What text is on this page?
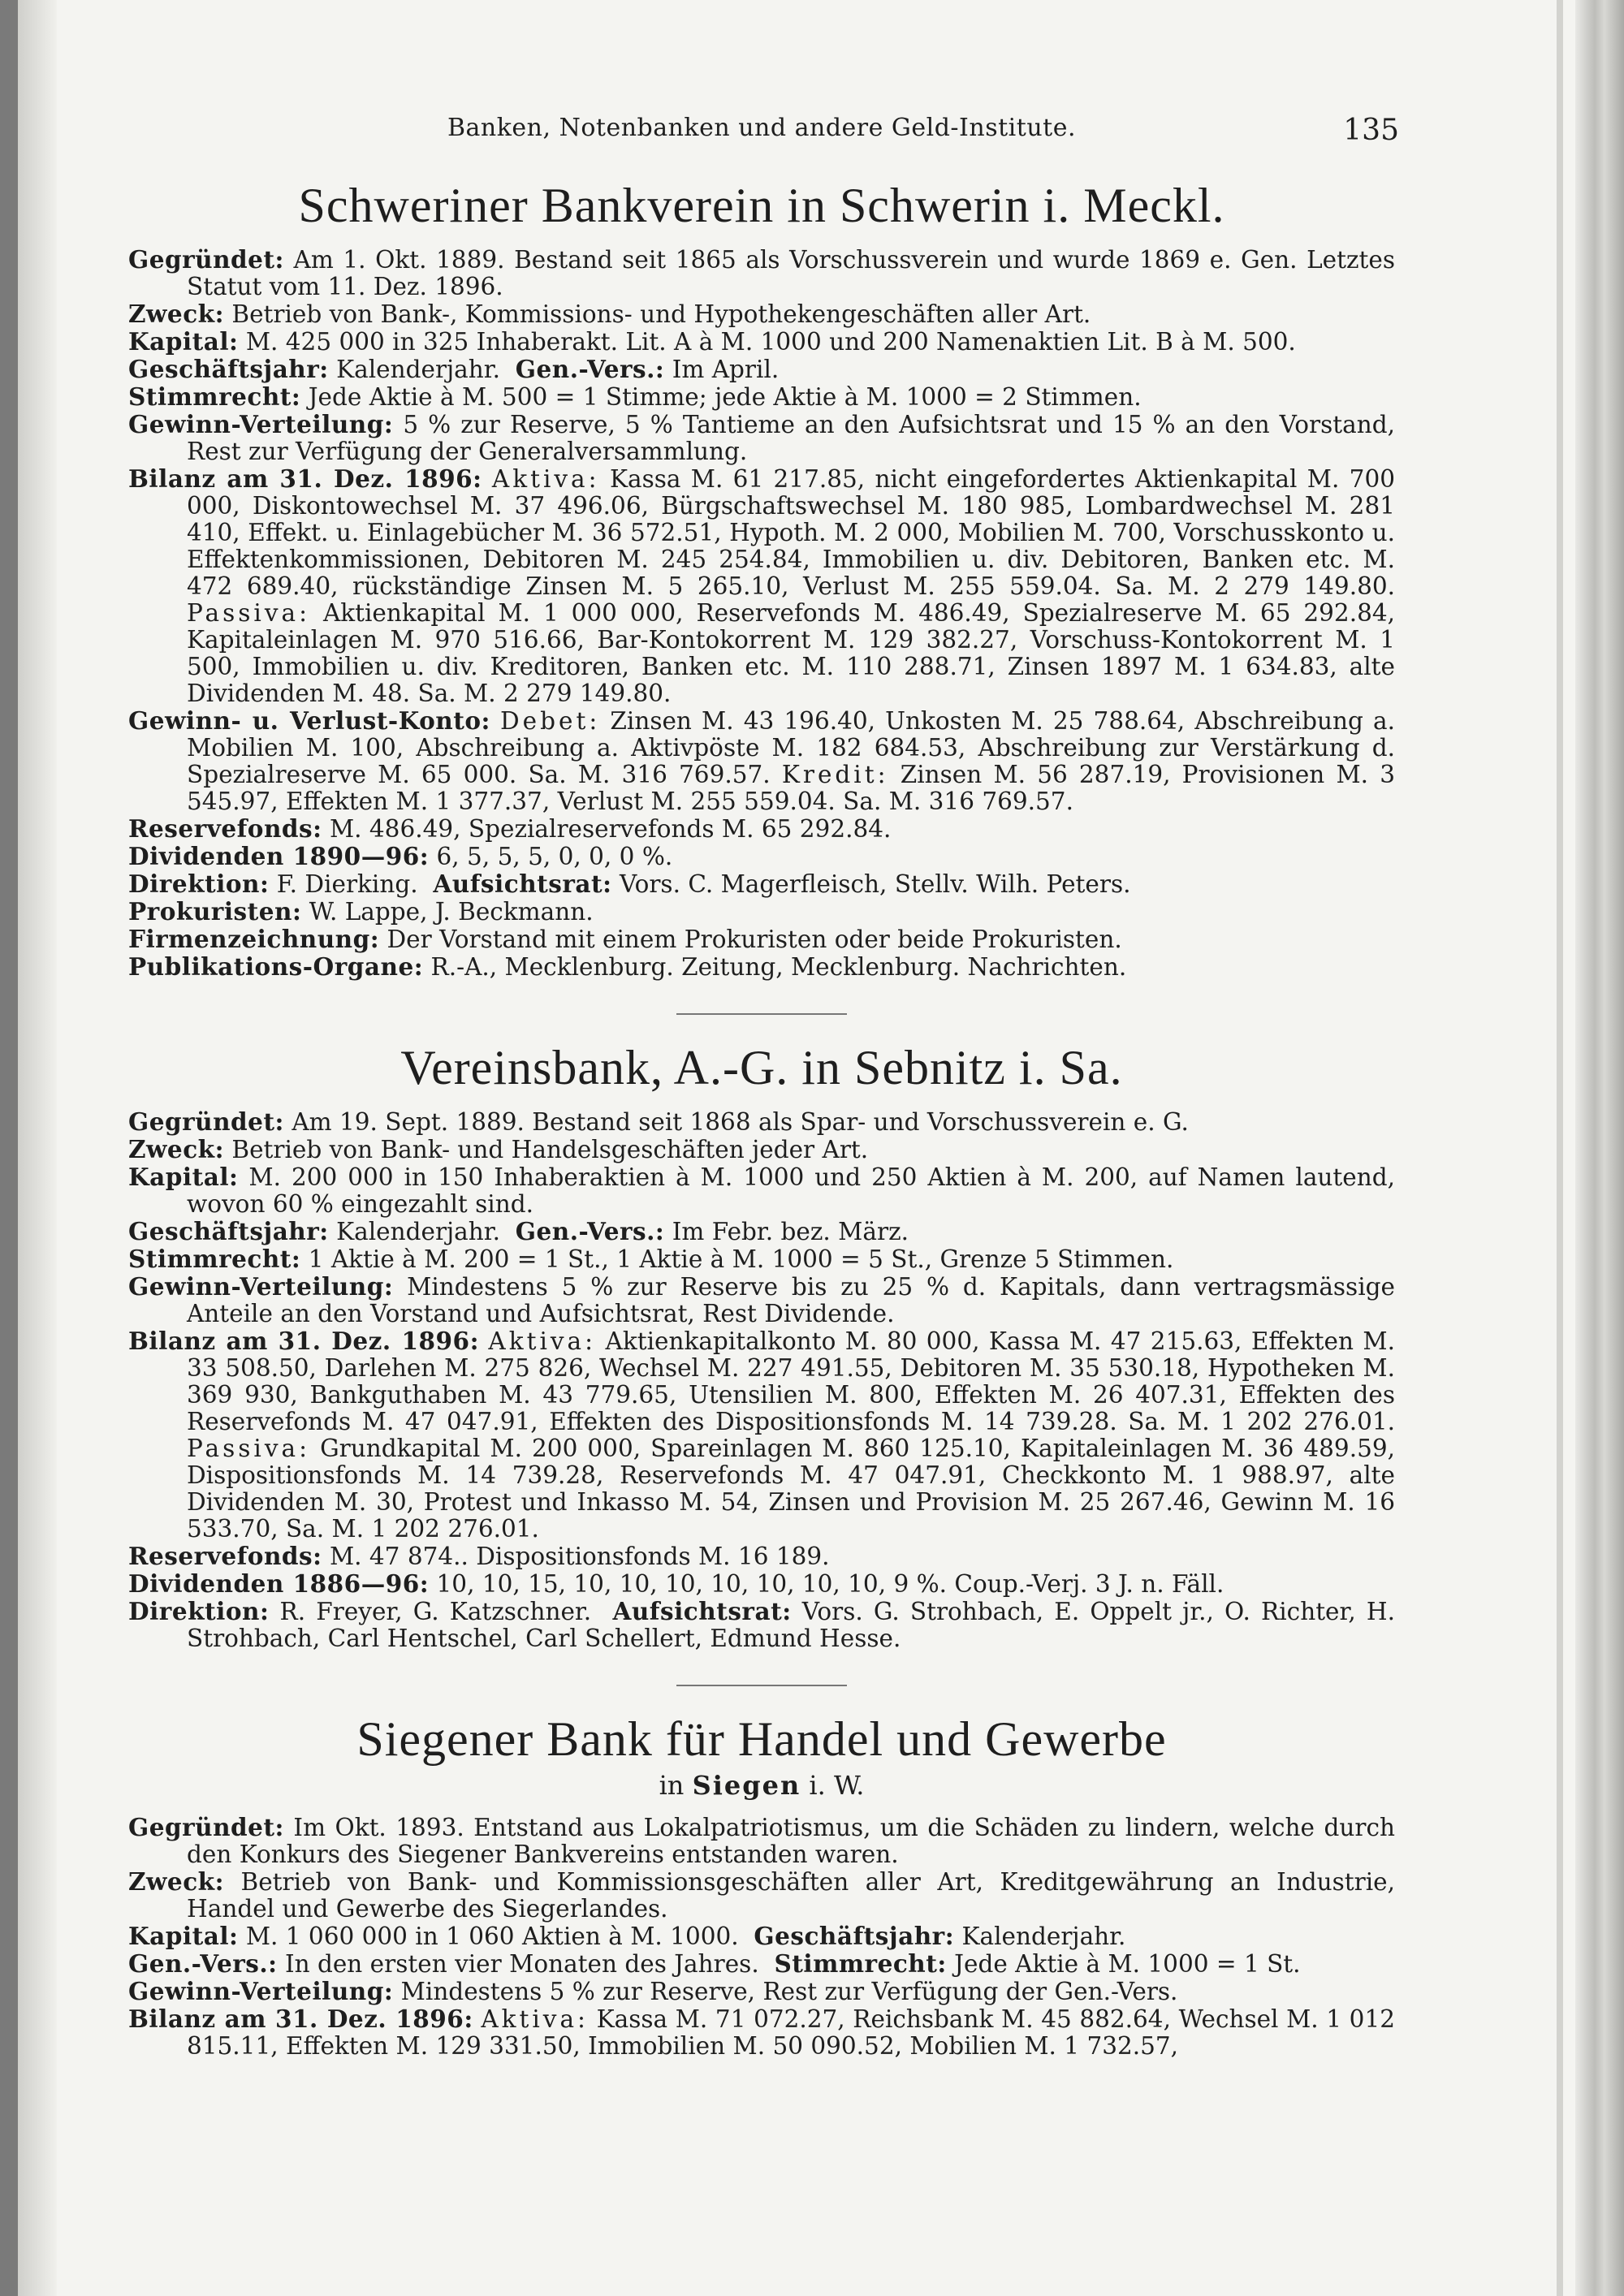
Banken, Notenbanken und andere Geld-Institute.	135
Schweriner Bankverein in Schwerin i. Meckl.

Gegründet: Am 1. Okt. 1889. Bestand seit 1865 als Vorschussverein und wurde 1869 e. Gen. Letztes Statut vom 11. Dez. 1896.

Zweck: Betrieb von Bank-, Kommissions- und Hypothekengeschäften aller Art.

Kapital: M. 425 000 in 325 Inhaberakt. Lit. A à M. 1000 und 200 Namenaktien Lit. B à M. 500.

Geschäftsjahr: Kalenderjahr. Gen.-Vers.: Im April.

Stimmrecht: Jede Aktie à M. 500 = 1 Stimme; jede Aktie à M. 1000 = 2 Stimmen.

Gewinn-Verteilung: 5 % zur Reserve, 5 % Tantieme an den Aufsichtsrat und 15 % an den Vorstand, Rest zur Verfügung der Generalversammlung.

Bilanz am 31. Dez. 1896: Aktiva: Kassa M. 61 217.85, nicht eingefordertes Aktienkapital M. 700 000, Diskontowechsel M. 37 496.06, Bürgschaftswechsel M. 180 985, Lombardwechsel M. 281 410, Effekt. u. Einlagebücher M. 36 572.51, Hypoth. M. 2 000, Mobilien M. 700, Vorschusskonto u. Effektenkommissionen, Debitoren M. 245 254.84, Immobilien u. div. Debitoren, Banken etc. M. 472 689.40, rückständige Zinsen M. 5 265.10, Verlust M. 255 559.04. Sa. M. 2 279 149.80. Passiva: Aktienkapital M. 1 000 000, Reservefonds M. 486.49, Spezialreserve M. 65 292.84, Kapitaleinlagen M. 970 516.66, Bar-Kontokorrent M. 129 382.27, Vorschuss-Kontokorrent M. 1 500, Immobilien u. div. Kreditoren, Banken etc. M. 110 288.71, Zinsen 1897 M. 1 634.83, alte Dividenden M. 48. Sa. M. 2 279 149.80.

Gewinn- u. Verlust-Konto: Debet: Zinsen M. 43 196.40, Unkosten M. 25 788.64, Abschreibung a. Mobilien M. 100, Abschreibung a. Aktivpöste M. 182 684.53, Abschreibung zur Verstärkung d. Spezialreserve M. 65 000. Sa. M. 316 769.57. Kredit: Zinsen M. 56 287.19, Provisionen M. 3 545.97, Effekten M. 1 377.37, Verlust M. 255 559.04. Sa. M. 316 769.57.

Reservefonds: M. 486.49, Spezialreservefonds M. 65 292.84.

Dividenden 1890—96: 6, 5, 5, 5, 0, 0, 0 %.

Direktion: F. Dierking. Aufsichtsrat: Vors. C. Magerfleisch, Stellv. Wilh. Peters.

Prokuristen: W. Lappe, J. Beckmann.

Firmenzeichnung: Der Vorstand mit einem Prokuristen oder beide Prokuristen.

Publikations-Organe: R.-A., Mecklenburg. Zeitung, Mecklenburg. Nachrichten.

Vereinsbank, A.-G. in Sebnitz i. Sa.

Gegründet: Am 19. Sept. 1889. Bestand seit 1868 als Spar- und Vorschussverein e. G.

Zweck: Betrieb von Bank- und Handelsgeschäften jeder Art.

Kapital: M. 200 000 in 150 Inhaberaktien à M. 1000 und 250 Aktien à M. 200, auf Namen lautend, wovon 60 % eingezahlt sind.

Geschäftsjahr: Kalenderjahr. Gen.-Vers.: Im Febr. bez. März.

Stimmrecht: 1 Aktie à M. 200 = 1 St., 1 Aktie à M. 1000 = 5 St., Grenze 5 Stimmen.

Gewinn-Verteilung: Mindestens 5 % zur Reserve bis zu 25 % d. Kapitals, dann vertragsmässige Anteile an den Vorstand und Aufsichtsrat, Rest Dividende.

Bilanz am 31. Dez. 1896: Aktiva: Aktienkapitalkonto M. 80 000, Kassa M. 47 215.63, Effekten M. 33 508.50, Darlehen M. 275 826, Wechsel M. 227 491.55, Debitoren M. 35 530.18, Hypotheken M. 369 930, Bankguthaben M. 43 779.65, Utensilien M. 800, Effekten M. 26 407.31, Effekten des Reservefonds M. 47 047.91, Effekten des Dispositionsfonds M. 14 739.28. Sa. M. 1 202 276.01. Passiva: Grundkapital M. 200 000, Spareinlagen M. 860 125.10, Kapitaleinlagen M. 36 489.59, Dispositionsfonds M. 14 739.28, Reservefonds M. 47 047.91, Checkkonto M. 1 988.97, alte Dividenden M. 30, Protest und Inkasso M. 54, Zinsen und Provision M. 25 267.46, Gewinn M. 16 533.70, Sa. M. 1 202 276.01.

Reservefonds: M. 47 874.. Dispositionsfonds M. 16 189.

Dividenden 1886—96: 10, 10, 15, 10, 10, 10, 10, 10, 10, 10, 9 %. Coup.-Verj. 3 J. n. Fäll.

Direktion: R. Freyer, G. Katzschner. Aufsichtsrat: Vors. G. Strohbach, E. Oppelt jr., O. Richter, H. Strohbach, Carl Hentschel, Carl Schellert, Edmund Hesse.

Siegener Bank für Handel und Gewerbe
in Siegen i. W.

Gegründet: Im Okt. 1893. Entstand aus Lokalpatriotismus, um die Schäden zu lindern, welche durch den Konkurs des Siegener Bankvereins entstanden waren.

Zweck: Betrieb von Bank- und Kommissionsgeschäften aller Art, Kreditgewährung an Industrie, Handel und Gewerbe des Siegerlandes.

Kapital: M. 1 060 000 in 1 060 Aktien à M. 1000. Geschäftsjahr: Kalenderjahr.

Gen.-Vers.: In den ersten vier Monaten des Jahres. Stimmrecht: Jede Aktie à M. 1000 = 1 St.

Gewinn-Verteilung: Mindestens 5 % zur Reserve, Rest zur Verfügung der Gen.-Vers.

Bilanz am 31. Dez. 1896: Aktiva: Kassa M. 71 072.27, Reichsbank M. 45 882.64, Wechsel M. 1 012 815.11, Effekten M. 129 331.50, Immobilien M. 50 090.52, Mobilien M. 1 732.57,
